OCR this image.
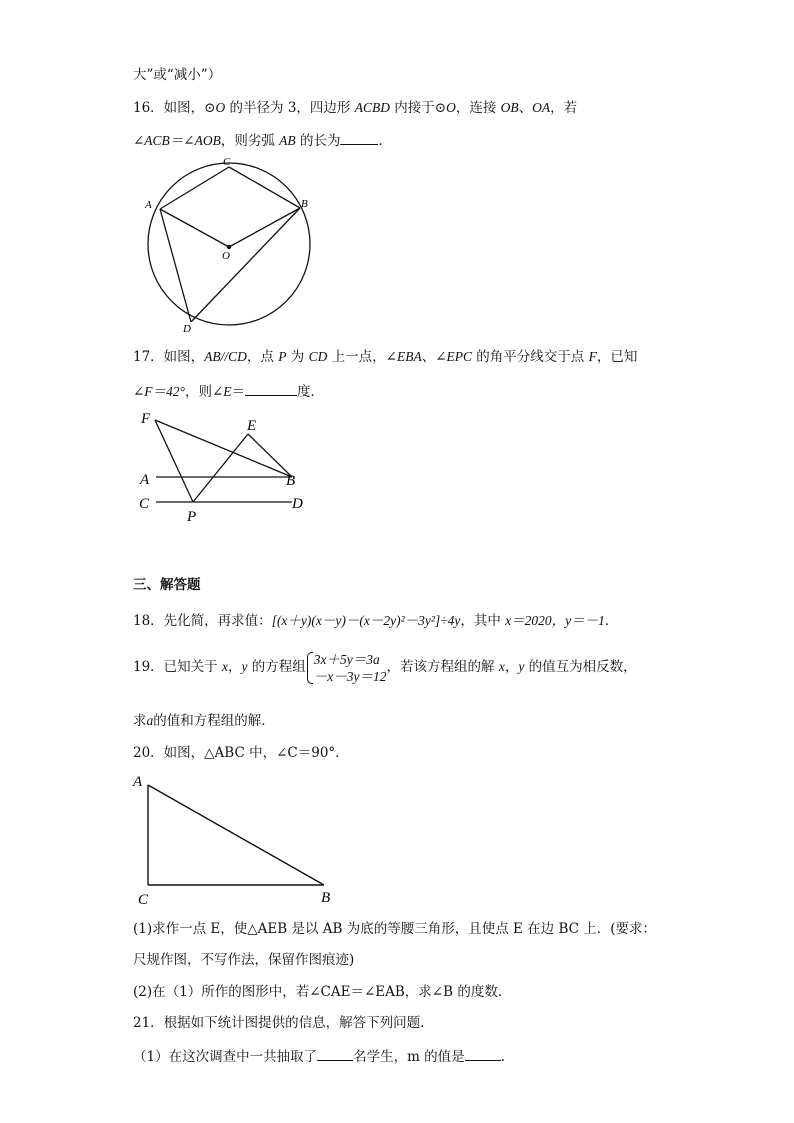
大”或“减小”）
16．如图，⊙O 的半径为 3，四边形 ACBD 内接于⊙O，连接 OB、OA，若
∠ACB＝∠AOB，则劣弧 AB 的长为	．
A
C
B
O
D
17．如图，AB//CD，点 P 为 CD 上一点，∠EBA、∠EPC 的角平分线交于点 F，已知
∠F＝42°，则∠E＝	度．
F	E
A	B
C	D
P
三、解答题
18．先化简，再求值：[(x＋y)(x－y)－(x－2y)²－3y²]÷4y，其中 x＝2020，y＝－1．
19．已知关于 x，y 的方程组 3x＋5y＝3a
－x－3y＝12
，若该方程组的解 x，y 的值互为相反数，
求a的值和方程组的解．
20．如图，△ABC 中，∠C＝90°．
A
C	B
(1)求作一点 E，使△AEB 是以 AB 为底的等腰三角形，且使点 E 在边 BC 上．(要求：
尺规作图，不写作法，保留作图痕迹)
(2)在（1）所作的图形中，若∠CAE＝∠EAB，求∠B 的度数．
21．根据如下统计图提供的信息，解答下列问题.
（1）在这次调查中一共抽取了	名学生，m 的值是	.
